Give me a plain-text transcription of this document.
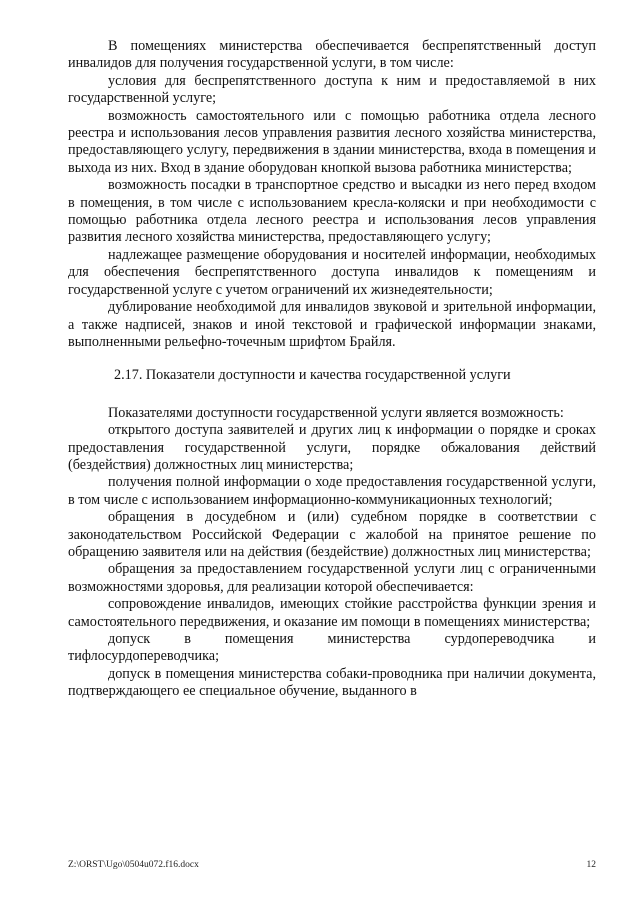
В помещениях министерства обеспечивается беспрепятственный доступ инвалидов для получения государственной услуги, в том числе:

условия для беспрепятственного доступа к ним и предоставляемой в них государственной услуге;

возможность самостоятельного или с помощью работника отдела лесного реестра и использования лесов управления развития лесного хозяйства министерства, предоставляющего услугу, передвижения в здании министерства, входа в помещения и выхода из них. Вход в здание оборудован кнопкой вызова работника министерства;

возможность посадки в транспортное средство и высадки из него перед входом в помещения, в том числе с использованием кресла-коляски и при необходимости с помощью работника отдела лесного реестра и использования лесов управления развития лесного хозяйства министерства, предоставляющего услугу;

надлежащее размещение оборудования и носителей информации, необходимых для обеспечения беспрепятственного доступа инвалидов к помещениям и государственной услуге с учетом ограничений их жизнедеятельности;

дублирование необходимой для инвалидов звуковой и зрительной информации, а также надписей, знаков и иной текстовой и графической информации знаками, выполненными рельефно-точечным шрифтом Брайля.

2.17. Показатели доступности и качества государственной услуги

Показателями доступности государственной услуги является возможность:

открытого доступа заявителей и других лиц к информации о порядке и сроках предоставления государственной услуги, порядке обжалования действий (бездействия) должностных лиц министерства;

получения полной информации о ходе предоставления государственной услуги, в том числе с использованием информационно-коммуникационных технологий;

обращения в досудебном и (или) судебном порядке в соответствии с законодательством Российской Федерации с жалобой на принятое решение по обращению заявителя или на действия (бездействие) должностных лиц министерства;

обращения за предоставлением государственной услуги лиц с ограниченными возможностями здоровья, для реализации которой обеспечивается:

сопровождение инвалидов, имеющих стойкие расстройства функции зрения и самостоятельного передвижения, и оказание им помощи в помещениях министерства;

допуск в помещения министерства сурдопереводчика и тифлосурдопереводчика;

допуск в помещения министерства собаки-проводника при наличии документа, подтверждающего ее специальное обучение, выданного в

Z:\ORST\Ugo\0504u072.f16.docx	12
